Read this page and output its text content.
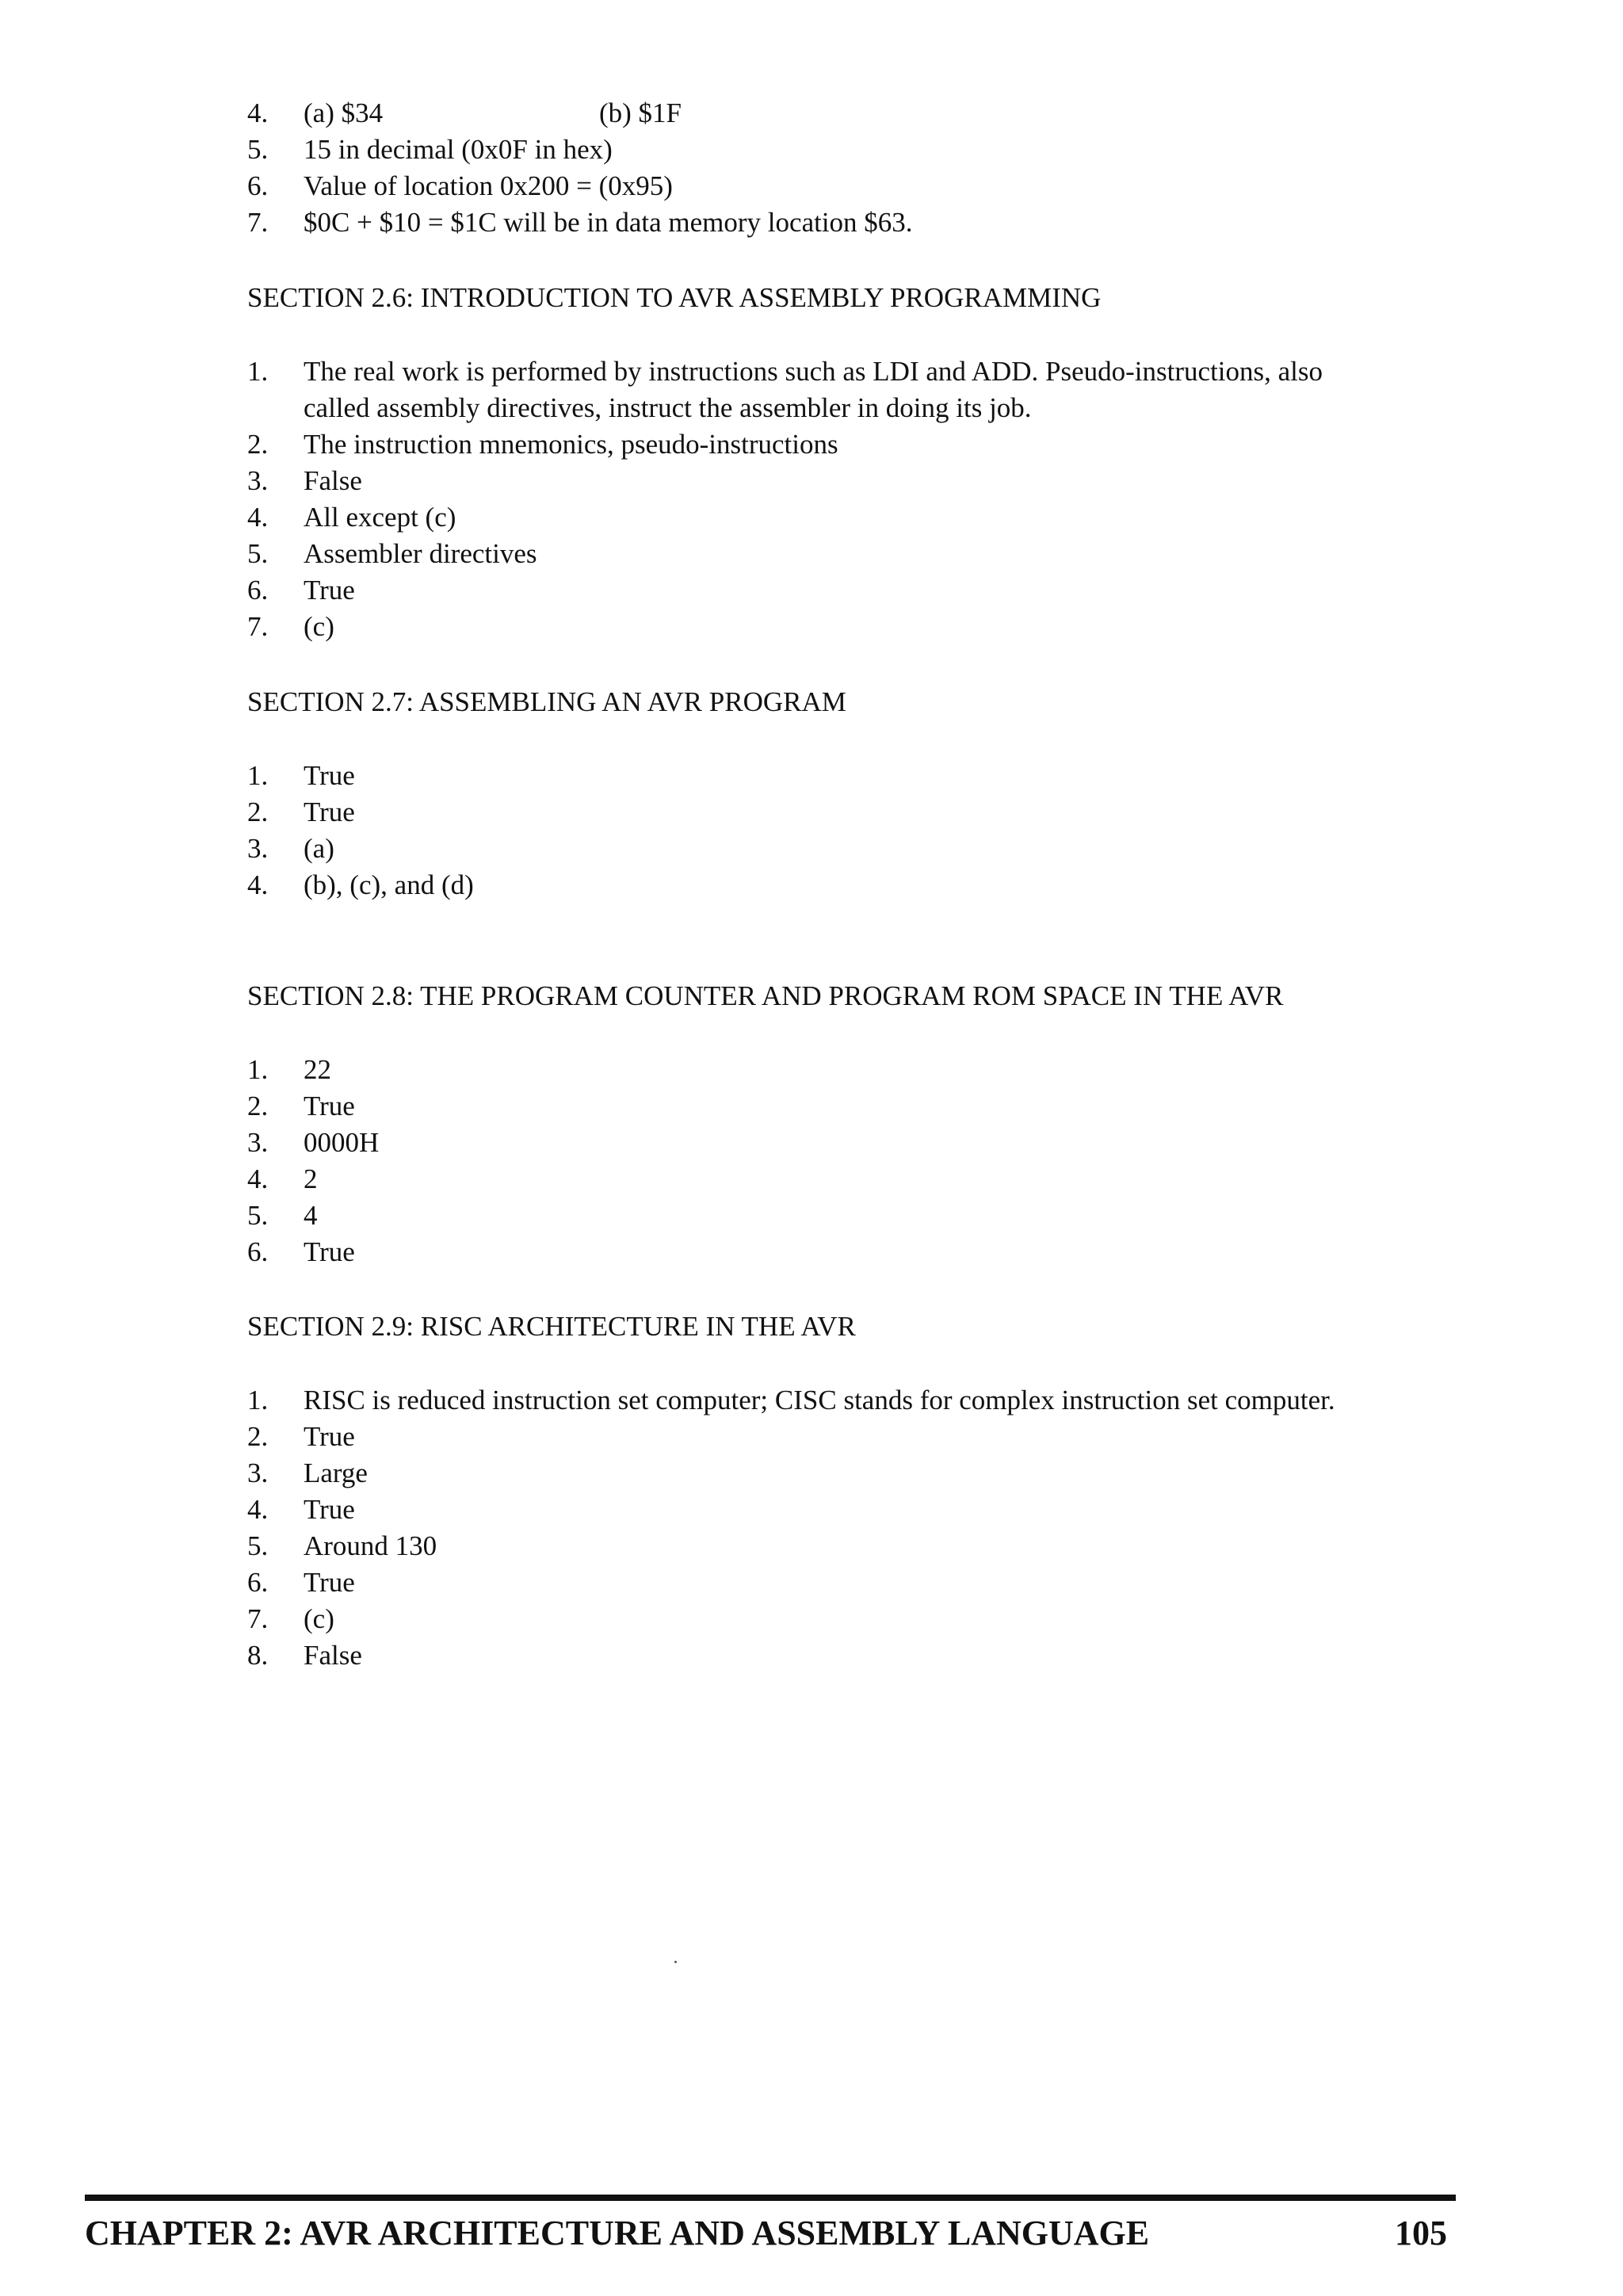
4. (a) $34	(b) $1F
5. 15 in decimal (0x0F in hex)
6. Value of location 0x200 = (0x95)
7. $0C + $10 = $1C will be in data memory location $63.
SECTION 2.6: INTRODUCTION TO AVR ASSEMBLY PROGRAMMING
1. The real work is performed by instructions such as LDI and ADD. Pseudo-instructions, also
called assembly directives, instruct the assembler in doing its job.
2. The instruction mnemonics, pseudo-instructions
3. False
4. All except (c)
5. Assembler directives
6. True
7. (c)
SECTION 2.7: ASSEMBLING AN AVR PROGRAM
1. True
2. True
3. (a)
4. (b), (c), and (d)
SECTION 2.8: THE PROGRAM COUNTER AND PROGRAM ROM SPACE IN THE AVR
1. 22
2. True
3. 0000H
4. 2
5. 4
6. True
SECTION 2.9: RISC ARCHITECTURE IN THE AVR
1. RISC is reduced instruction set computer; CISC stands for complex instruction set computer.
2. True
3. Large
4. True
5. Around 130
6. True
7. (c)
8. False
CHAPTER 2: AVR ARCHITECTURE AND ASSEMBLY LANGUAGE	105
